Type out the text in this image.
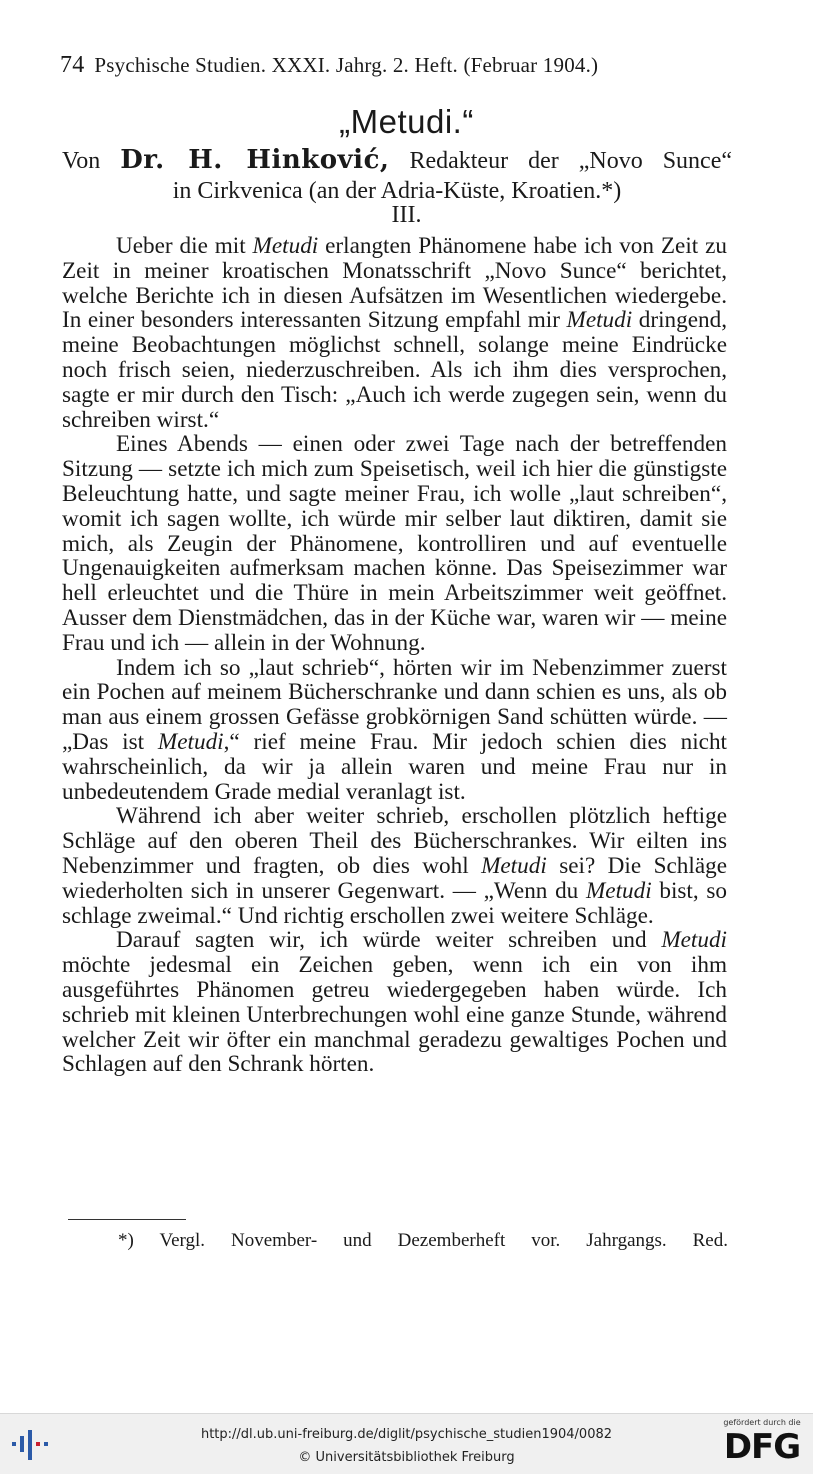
74 Psychische Studien. XXXI. Jahrg. 2. Heft. (Februar 1904.)
„Metudi.“
Von Dr. H. Hinković, Redakteur der „Novo Sunce“
in Cirkvenica (an der Adria-Küste, Kroatien.*)
III.

Ueber die mit Metudi erlangten Phänomene habe ich von Zeit zu Zeit in meiner kroatischen Monatsschrift „Novo Sunce“ berichtet, welche Berichte ich in diesen Aufsätzen im Wesentlichen wiedergebe. In einer besonders interessanten Sitzung empfahl mir Metudi dringend, meine Beobachtungen möglichst schnell, solange meine Eindrücke noch frisch seien, niederzuschreiben. Als ich ihm dies versprochen, sagte er mir durch den Tisch: „Auch ich werde zugegen sein, wenn du schreiben wirst.“

Eines Abends — einen oder zwei Tage nach der betreffenden Sitzung — setzte ich mich zum Speisetisch, weil ich hier die günstigste Beleuchtung hatte, und sagte meiner Frau, ich wolle „laut schreiben“, womit ich sagen wollte, ich würde mir selber laut diktiren, damit sie mich, als Zeugin der Phänomene, kontrolliren und auf eventuelle Ungenauigkeiten aufmerksam machen könne. Das Speisezimmer war hell erleuchtet und die Thüre in mein Arbeitszimmer weit geöffnet. Ausser dem Dienstmädchen, das in der Küche war, waren wir — meine Frau und ich — allein in der Wohnung.

Indem ich so „laut schrieb“, hörten wir im Nebenzimmer zuerst ein Pochen auf meinem Bücherschranke und dann schien es uns, als ob man aus einem grossen Gefässe grobkörnigen Sand schütten würde. — „Das ist Metudi,“ rief meine Frau. Mir jedoch schien dies nicht wahrscheinlich, da wir ja allein waren und meine Frau nur in unbedeutendem Grade medial veranlagt ist.

Während ich aber weiter schrieb, erschollen plötzlich heftige Schläge auf den oberen Theil des Bücherschrankes. Wir eilten ins Nebenzimmer und fragten, ob dies wohl Metudi sei? Die Schläge wiederholten sich in unserer Gegenwart. — „Wenn du Metudi bist, so schlage zweimal.“ Und richtig erschollen zwei weitere Schläge.

Darauf sagten wir, ich würde weiter schreiben und Metudi möchte jedesmal ein Zeichen geben, wenn ich ein von ihm ausgeführtes Phänomen getreu wiedergegeben haben würde. Ich schrieb mit kleinen Unterbrechungen wohl eine ganze Stunde, während welcher Zeit wir öfter ein manchmal geradezu gewaltiges Pochen und Schlagen auf den Schrank hörten.

*) Vergl. November- und Dezemberheft vor. Jahrgangs. Red.
http://dl.ub.uni-freiburg.de/diglit/psychische_studien1904/0082
© Universitätsbibliothek Freiburg
gefördert durch die
DFG
